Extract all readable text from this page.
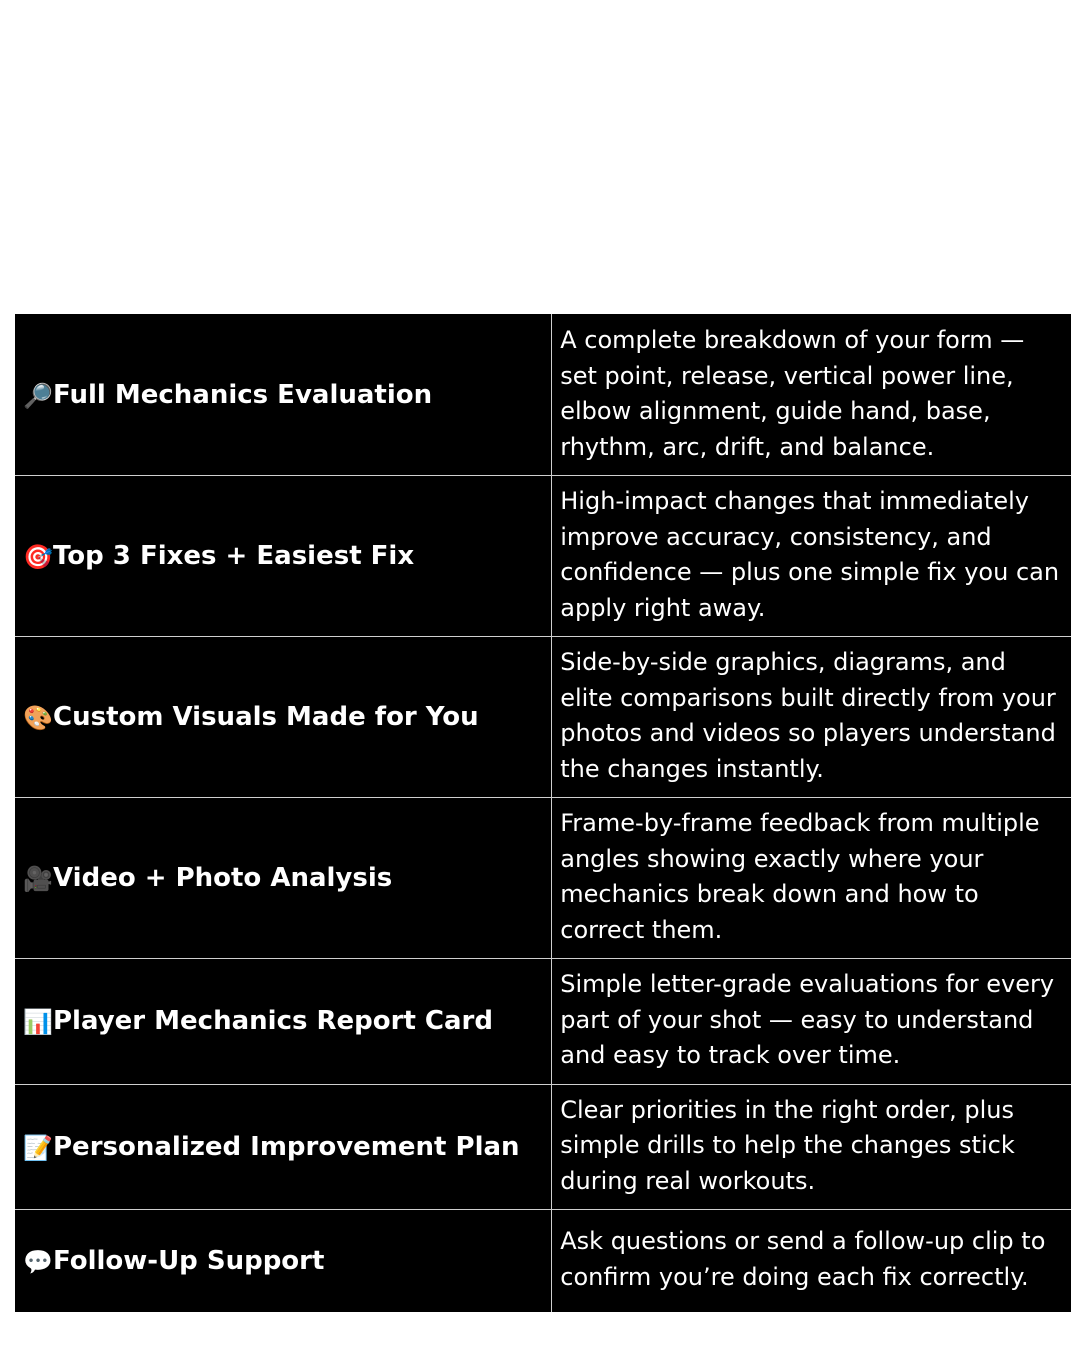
🔎Full Mechanics Evaluation	A complete breakdown of your form — set point, release, vertical power line, elbow alignment, guide hand, base, rhythm, arc, drift, and balance.
🎯Top 3 Fixes + Easiest Fix	High-impact changes that immediately improve accuracy, consistency, and confidence — plus one simple fix you can apply right away.
🎨Custom Visuals Made for You	Side-by-side graphics, diagrams, and elite comparisons built directly from your photos and videos so players understand the changes instantly.
🎥Video + Photo Analysis	Frame-by-frame feedback from multiple angles showing exactly where your mechanics break down and how to correct them.
📊Player Mechanics Report Card	Simple letter-grade evaluations for every part of your shot — easy to understand and easy to track over time.
📝Personalized Improvement Plan	Clear priorities in the right order, plus simple drills to help the changes stick during real workouts.
💬Follow-Up Support	Ask questions or send a follow-up clip to confirm you’re doing each fix correctly.
